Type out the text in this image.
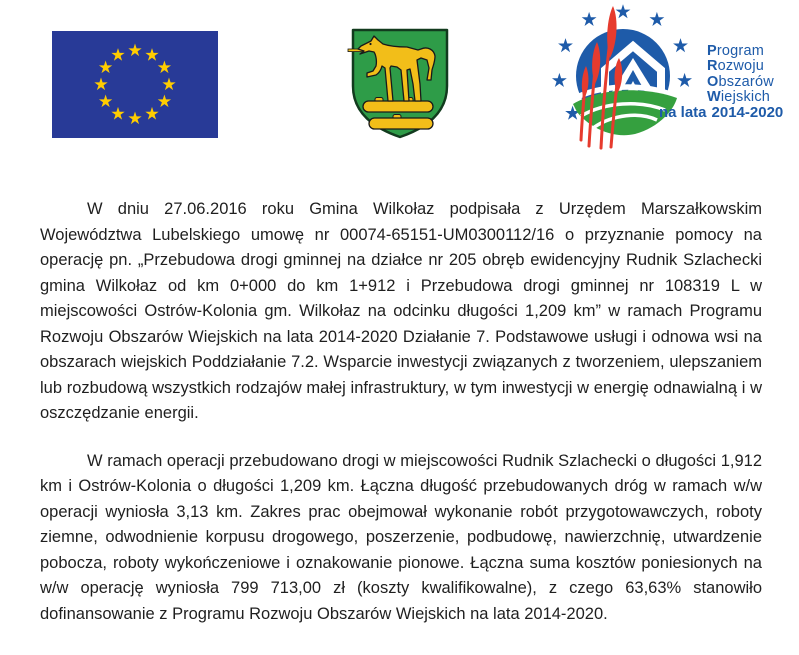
Program
Rozwoju
Obszarów
Wiejskich
na lata 2014-2020

W dniu 27.06.2016 roku Gmina Wilkołaz podpisała z Urzędem Marszałkowskim Województwa Lubelskiego umowę nr 00074-65151-UM0300112/16 o przyznanie pomocy na operację pn. „Przebudowa drogi gminnej na działce nr 205 obręb ewidencyjny Rudnik Szlachecki gmina Wilkołaz od km 0+000 do km 1+912 i Przebudowa drogi gminnej nr 108319 L w miejscowości Ostrów-Kolonia gm. Wilkołaz na odcinku długości 1,209 km” w ramach Programu Rozwoju Obszarów Wiejskich na lata 2014-2020 Działanie 7. Podstawowe usługi i odnowa wsi na obszarach wiejskich Poddziałanie 7.2. Wsparcie inwestycji związanych z tworzeniem, ulepszaniem lub rozbudową wszystkich rodzajów małej infrastruktury, w tym inwestycji w energię odnawialną i w oszczędzanie energii.

W ramach operacji przebudowano drogi w miejscowości Rudnik Szlachecki o długości 1,912 km i Ostrów-Kolonia o długości 1,209 km. Łączna długość przebudowanych dróg w ramach w/w operacji wyniosła 3,13 km. Zakres prac obejmował wykonanie robót przygotowawczych, roboty ziemne, odwodnienie korpusu drogowego, poszerzenie, podbudowę, nawierzchnię, utwardzenie pobocza, roboty wykończeniowe i oznakowanie pionowe. Łączna suma kosztów poniesionych na w/w operację wyniosła 799 713,00 zł (koszty kwalifikowalne), z czego 63,63% stanowiło dofinansowanie z Programu Rozwoju Obszarów Wiejskich na lata 2014-2020.
